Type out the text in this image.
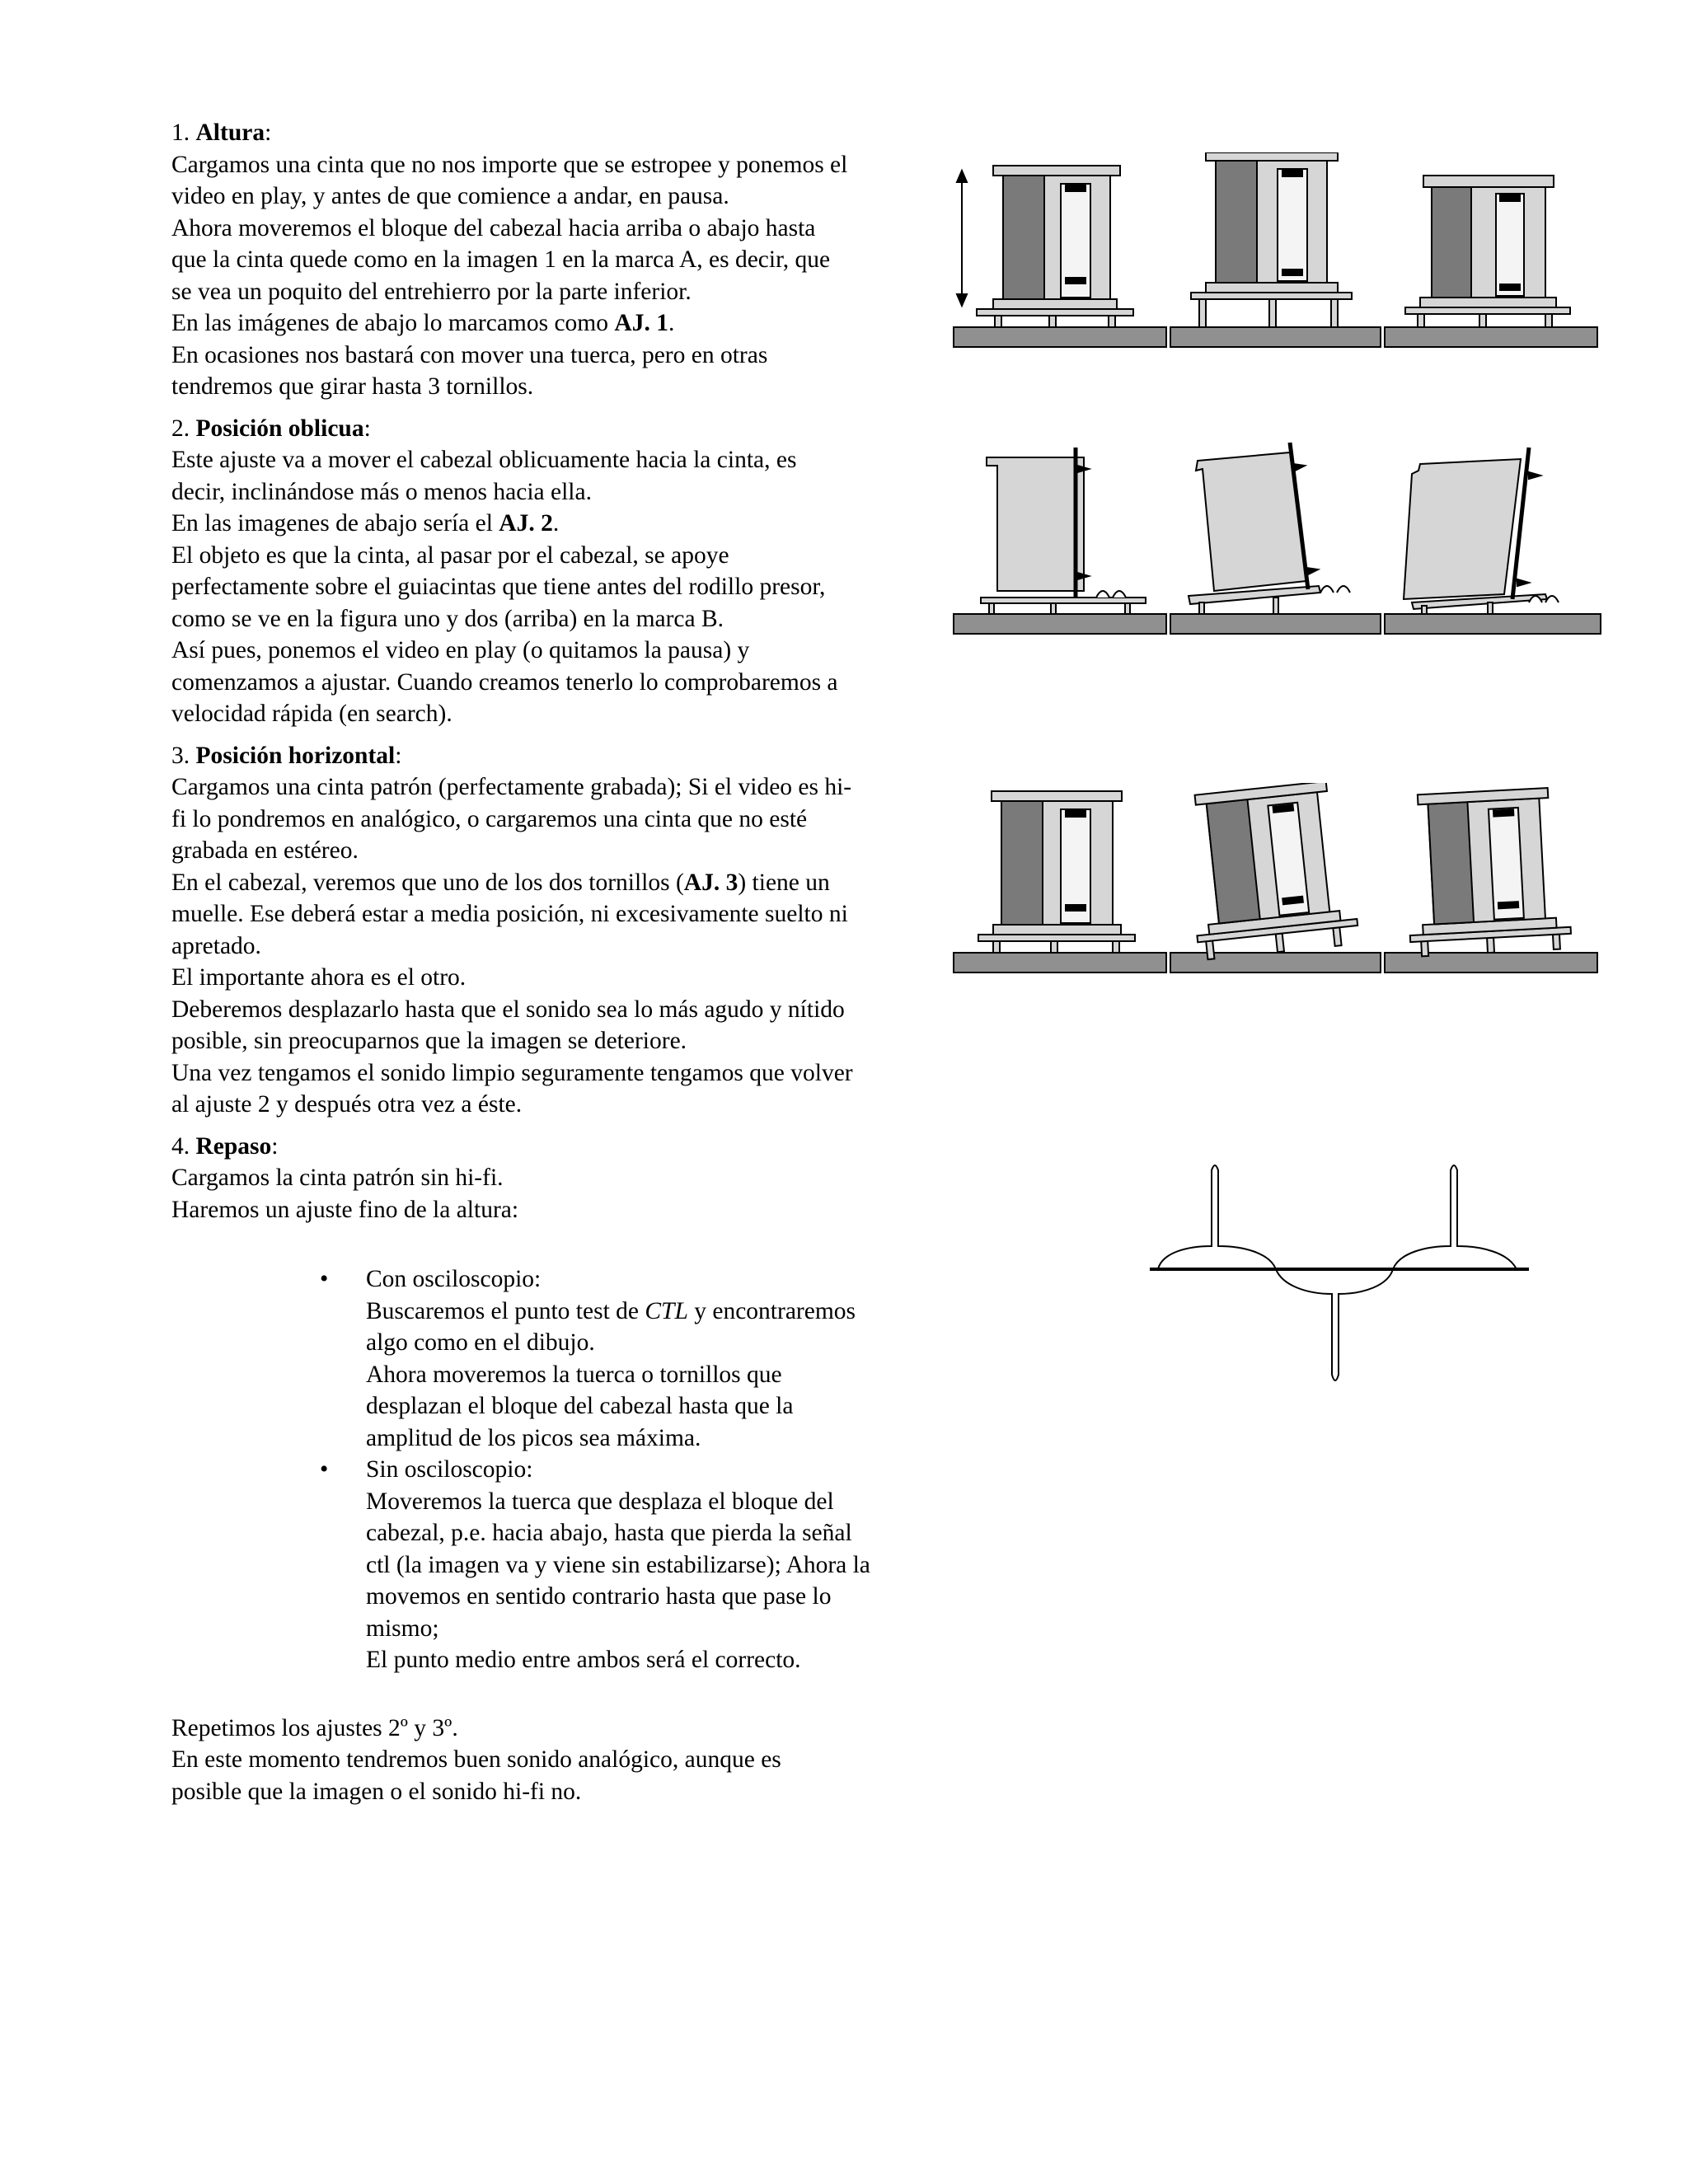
1. Altura:

Cargamos una cinta que no nos importe que se estropee y ponemos el

video en play, y antes de que comience a andar, en pausa.

Ahora moveremos el bloque del cabezal hacia arriba o abajo hasta

que la cinta quede como en la imagen 1 en la marca A, es decir, que

se vea un poquito del entrehierro por la parte inferior.

En las imágenes de abajo lo marcamos como AJ. 1.

En ocasiones nos bastará con mover una tuerca, pero en otras

tendremos que girar hasta 3 tornillos.

2. Posición oblicua:

Este ajuste va a mover el cabezal oblicuamente hacia la cinta, es

decir, inclinándose más o menos hacia ella.

En las imagenes de abajo sería el AJ. 2.

El objeto es que la cinta, al pasar por el cabezal, se apoye

perfectamente sobre el guiacintas que tiene antes del rodillo presor,

como se ve en la figura uno y dos (arriba) en la marca B.

Así pues, ponemos el video en play (o quitamos la pausa) y

comenzamos a ajustar. Cuando creamos tenerlo lo comprobaremos a

velocidad rápida (en search).

3. Posición horizontal:

Cargamos una cinta patrón (perfectamente grabada); Si el video es hi-

fi lo pondremos en analógico, o cargaremos una cinta que no esté

grabada en estéreo.

En el cabezal, veremos que uno de los dos tornillos (AJ. 3) tiene un

muelle. Ese deberá estar a media posición, ni excesivamente suelto ni

apretado.

El importante ahora es el otro.

Deberemos desplazarlo hasta que el sonido sea lo más agudo y nítido

posible, sin preocuparnos que la imagen se deteriore.

Una vez tengamos el sonido limpio seguramente tengamos que volver

al ajuste 2 y después otra vez a éste.

4. Repaso:

Cargamos la cinta patrón sin hi-fi.

Haremos un ajuste fino de la altura:

• Con osciloscopio:

Buscaremos el punto test de CTL y encontraremos

algo como en el dibujo.

Ahora moveremos la tuerca o tornillos que

desplazan el bloque del cabezal hasta que la

amplitud de los picos sea máxima.

• Sin osciloscopio:

Moveremos la tuerca que desplaza el bloque del

cabezal, p.e. hacia abajo, hasta que pierda la señal

ctl (la imagen va y viene sin estabilizarse); Ahora la

movemos en sentido contrario hasta que pase lo

mismo;

El punto medio entre ambos será el correcto.

Repetimos los ajustes 2º y 3º.

En este momento tendremos buen sonido analógico, aunque es

posible que la imagen o el sonido hi-fi no.
